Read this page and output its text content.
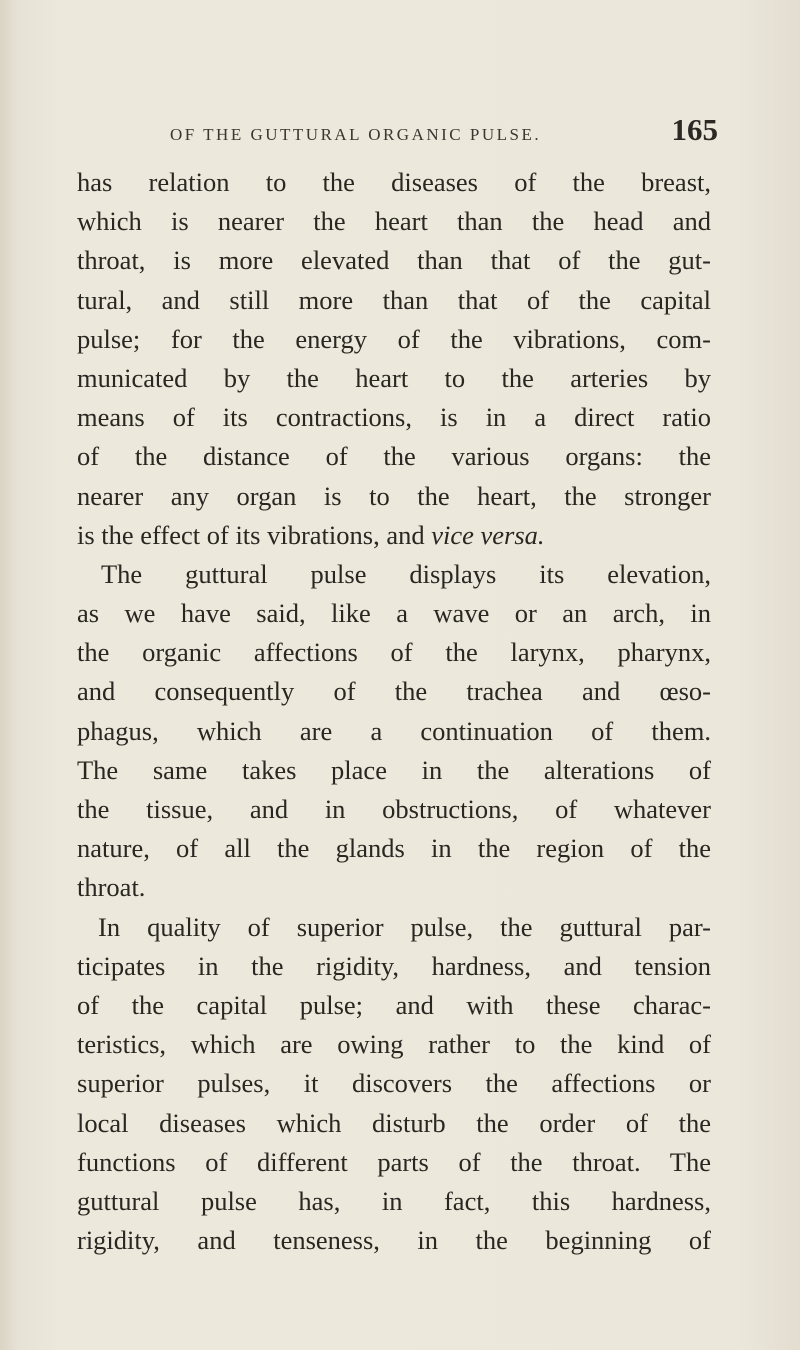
OF THE GUTTURAL ORGANIC PULSE.	165
has relation to the diseases of the breast,
which is nearer the heart than the head and
throat, is more elevated than that of the gut-
tural, and still more than that of the capital
pulse; for the energy of the vibrations, com-
municated by the heart to the arteries by
means of its contractions, is in a direct ratio
of the distance of the various organs: the
nearer any organ is to the heart, the stronger
is the effect of its vibrations, and vice versa.
The guttural pulse displays its elevation,
as we have said, like a wave or an arch, in
the organic affections of the larynx, pharynx,
and consequently of the trachea and œso-
phagus, which are a continuation of them.
The same takes place in the alterations of
the tissue, and in obstructions, of whatever
nature, of all the glands in the region of the
throat.
In quality of superior pulse, the guttural par-
ticipates in the rigidity, hardness, and tension
of the capital pulse; and with these charac-
teristics, which are owing rather to the kind of
superior pulses, it discovers the affections or
local diseases which disturb the order of the
functions of different parts of the throat. The
guttural pulse has, in fact, this hardness,
rigidity, and tenseness, in the beginning of
